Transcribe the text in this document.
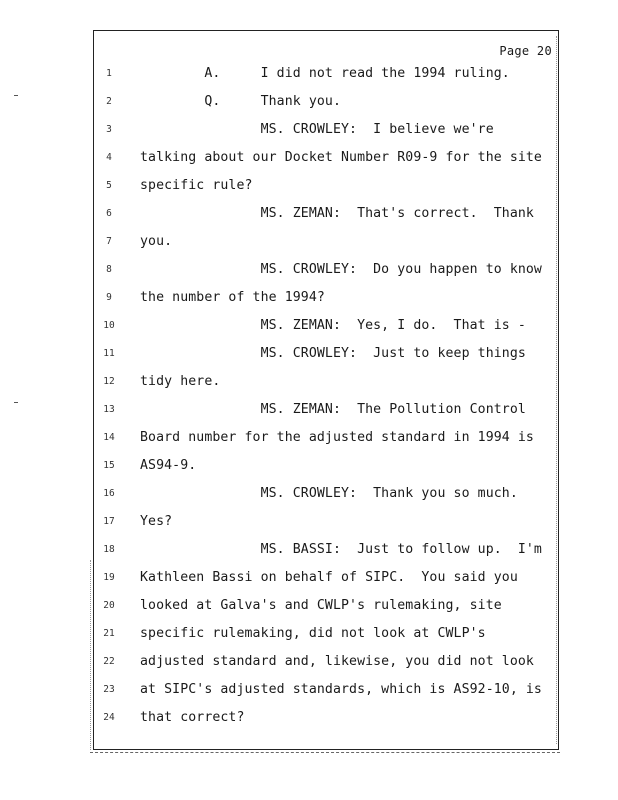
Page 20
1	A.     I did not read the 1994 ruling.
2	Q.     Thank you.
3	MS. CROWLEY:  I believe we're
4	talking about our Docket Number R09-9 for the site
5	specific rule?
6	MS. ZEMAN:  That's correct.  Thank
7	you.
8	MS. CROWLEY:  Do you happen to know
9	the number of the 1994?
10	MS. ZEMAN:  Yes, I do.  That is -
11	MS. CROWLEY:  Just to keep things
12	tidy here.
13	MS. ZEMAN:  The Pollution Control
14	Board number for the adjusted standard in 1994 is
15	AS94-9.
16	MS. CROWLEY:  Thank you so much.
17	Yes?
18	MS. BASSI:  Just to follow up.  I'm
19	Kathleen Bassi on behalf of SIPC.  You said you
20	looked at Galva's and CWLP's rulemaking, site
21	specific rulemaking, did not look at CWLP's
22	adjusted standard and, likewise, you did not look
23	at SIPC's adjusted standards, which is AS92-10, is
24	that correct?
